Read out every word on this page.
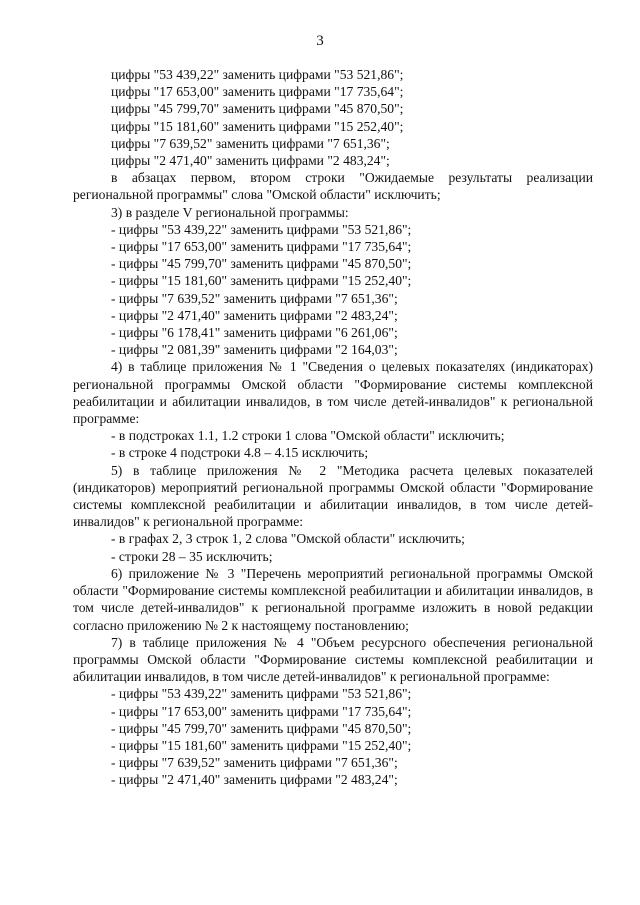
3
цифры "53 439,22" заменить цифрами "53 521,86";
цифры "17 653,00" заменить цифрами "17 735,64";
цифры "45 799,70" заменить цифрами "45 870,50";
цифры "15 181,60" заменить цифрами "15 252,40";
цифры "7 639,52" заменить цифрами "7 651,36";
цифры "2 471,40" заменить цифрами "2 483,24";
в абзацах первом, втором строки "Ожидаемые результаты реализации региональной программы" слова "Омской области" исключить;
3) в разделе V региональной программы:
- цифры "53 439,22" заменить цифрами "53 521,86";
- цифры "17 653,00" заменить цифрами "17 735,64";
- цифры "45 799,70" заменить цифрами "45 870,50";
- цифры "15 181,60" заменить цифрами "15 252,40";
- цифры "7 639,52" заменить цифрами "7 651,36";
- цифры "2 471,40" заменить цифрами "2 483,24";
- цифры "6 178,41" заменить цифрами "6 261,06";
- цифры "2 081,39" заменить цифрами "2 164,03";
4) в таблице приложения № 1 "Сведения о целевых показателях (индикаторах) региональной программы Омской области "Формирование системы комплексной реабилитации и абилитации инвалидов, в том числе детей-инвалидов" к региональной программе:
- в подстроках 1.1, 1.2 строки 1 слова "Омской области" исключить;
- в строке 4 подстроки 4.8 – 4.15 исключить;
5) в таблице приложения № 2 "Методика расчета целевых показателей (индикаторов) мероприятий региональной программы Омской области "Формирование системы комплексной реабилитации и абилитации инвалидов, в том числе детей-инвалидов" к региональной программе:
- в графах 2, 3 строк 1, 2 слова "Омской области" исключить;
- строки 28 – 35 исключить;
6) приложение № 3 "Перечень мероприятий региональной программы Омской области "Формирование системы комплексной реабилитации и абилитации инвалидов, в том числе детей-инвалидов" к региональной программе изложить в новой редакции согласно приложению № 2 к настоящему постановлению;
7) в таблице приложения № 4 "Объем ресурсного обеспечения региональной программы Омской области "Формирование системы комплексной реабилитации и абилитации инвалидов, в том числе детей-инвалидов" к региональной программе:
- цифры "53 439,22" заменить цифрами "53 521,86";
- цифры "17 653,00" заменить цифрами "17 735,64";
- цифры "45 799,70" заменить цифрами "45 870,50";
- цифры "15 181,60" заменить цифрами "15 252,40";
- цифры "7 639,52" заменить цифрами "7 651,36";
- цифры "2 471,40" заменить цифрами "2 483,24";
